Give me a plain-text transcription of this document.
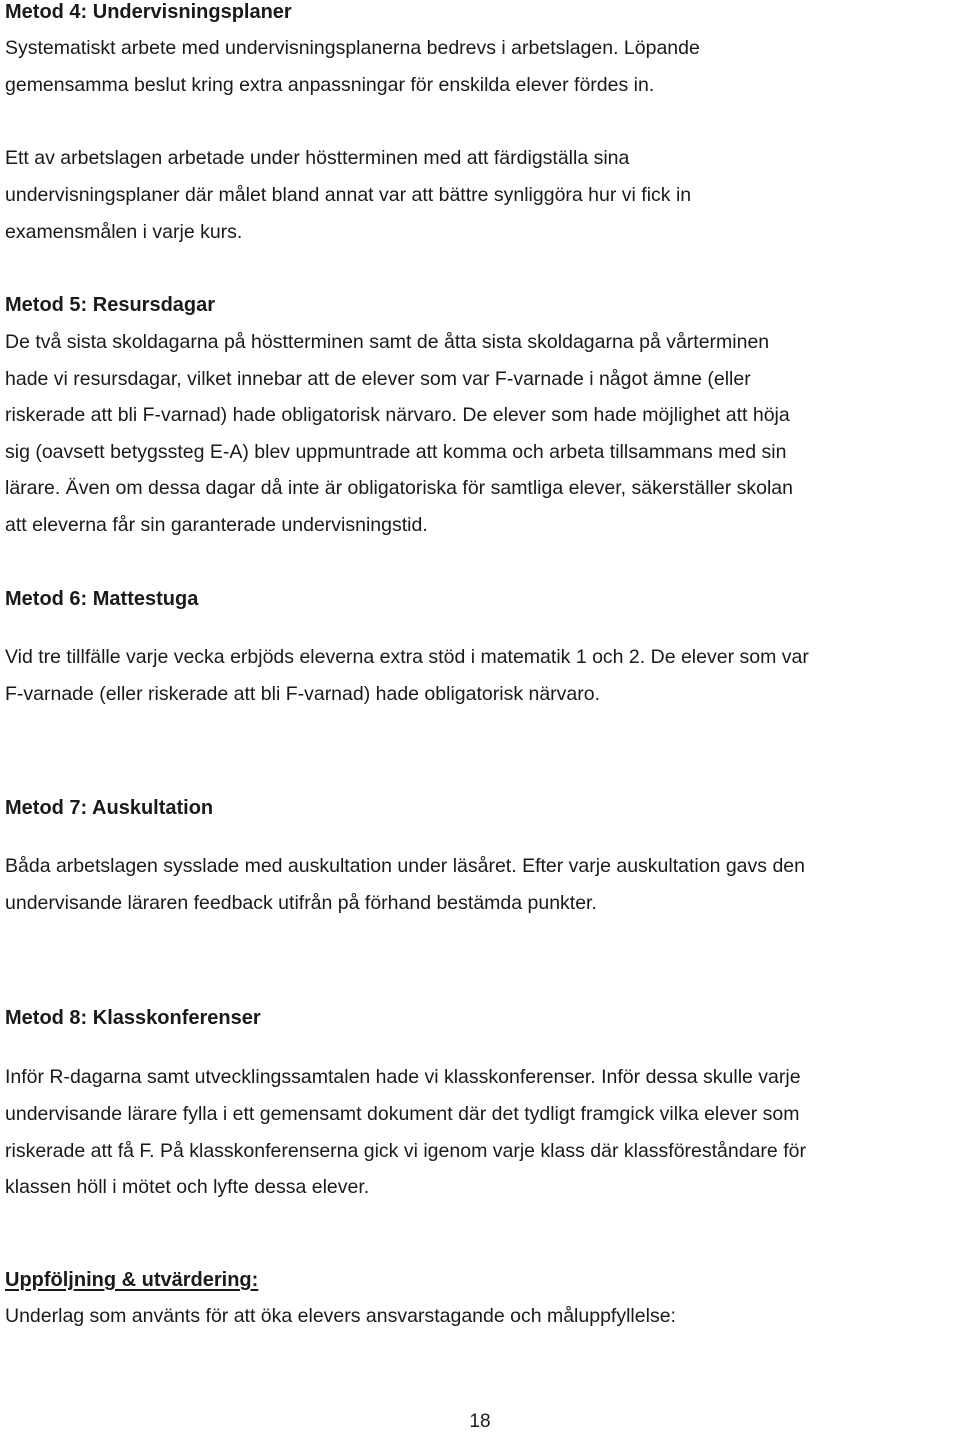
Metod 4: Undervisningsplaner

Systematiskt arbete med undervisningsplanerna bedrevs i arbetslagen. Löpande
gemensamma beslut kring extra anpassningar för enskilda elever fördes in.

Ett av arbetslagen arbetade under höstterminen med att färdigställa sina
undervisningsplaner där målet bland annat var att bättre synliggöra hur vi fick in
examensmålen i varje kurs.

Metod 5: Resursdagar

De två sista skoldagarna på höstterminen samt de åtta sista skoldagarna på vårterminen
hade vi resursdagar, vilket innebar att de elever som var F-varnade i något ämne (eller
riskerade att bli F-varnad) hade obligatorisk närvaro. De elever som hade möjlighet att höja
sig (oavsett betygssteg E-A) blev uppmuntrade att komma och arbeta tillsammans med sin
lärare. Även om dessa dagar då inte är obligatoriska för samtliga elever, säkerställer skolan
att eleverna får sin garanterade undervisningstid.

Metod 6: Mattestuga

Vid tre tillfälle varje vecka erbjöds eleverna extra stöd i matematik 1 och 2. De elever som var
F-varnade (eller riskerade att bli F-varnad) hade obligatorisk närvaro.

Metod 7: Auskultation

Båda arbetslagen sysslade med auskultation under läsåret. Efter varje auskultation gavs den
undervisande läraren feedback utifrån på förhand bestämda punkter.

Metod 8: Klasskonferenser

Inför R-dagarna samt utvecklingssamtalen hade vi klasskonferenser. Inför dessa skulle varje
undervisande lärare fylla i ett gemensamt dokument där det tydligt framgick vilka elever som
riskerade att få F. På klasskonferenserna gick vi igenom varje klass där klassföreståndare för
klassen höll i mötet och lyfte dessa elever.

Uppföljning & utvärdering:

Underlag som använts för att öka elevers ansvarstagande och måluppfyllelse:

18
